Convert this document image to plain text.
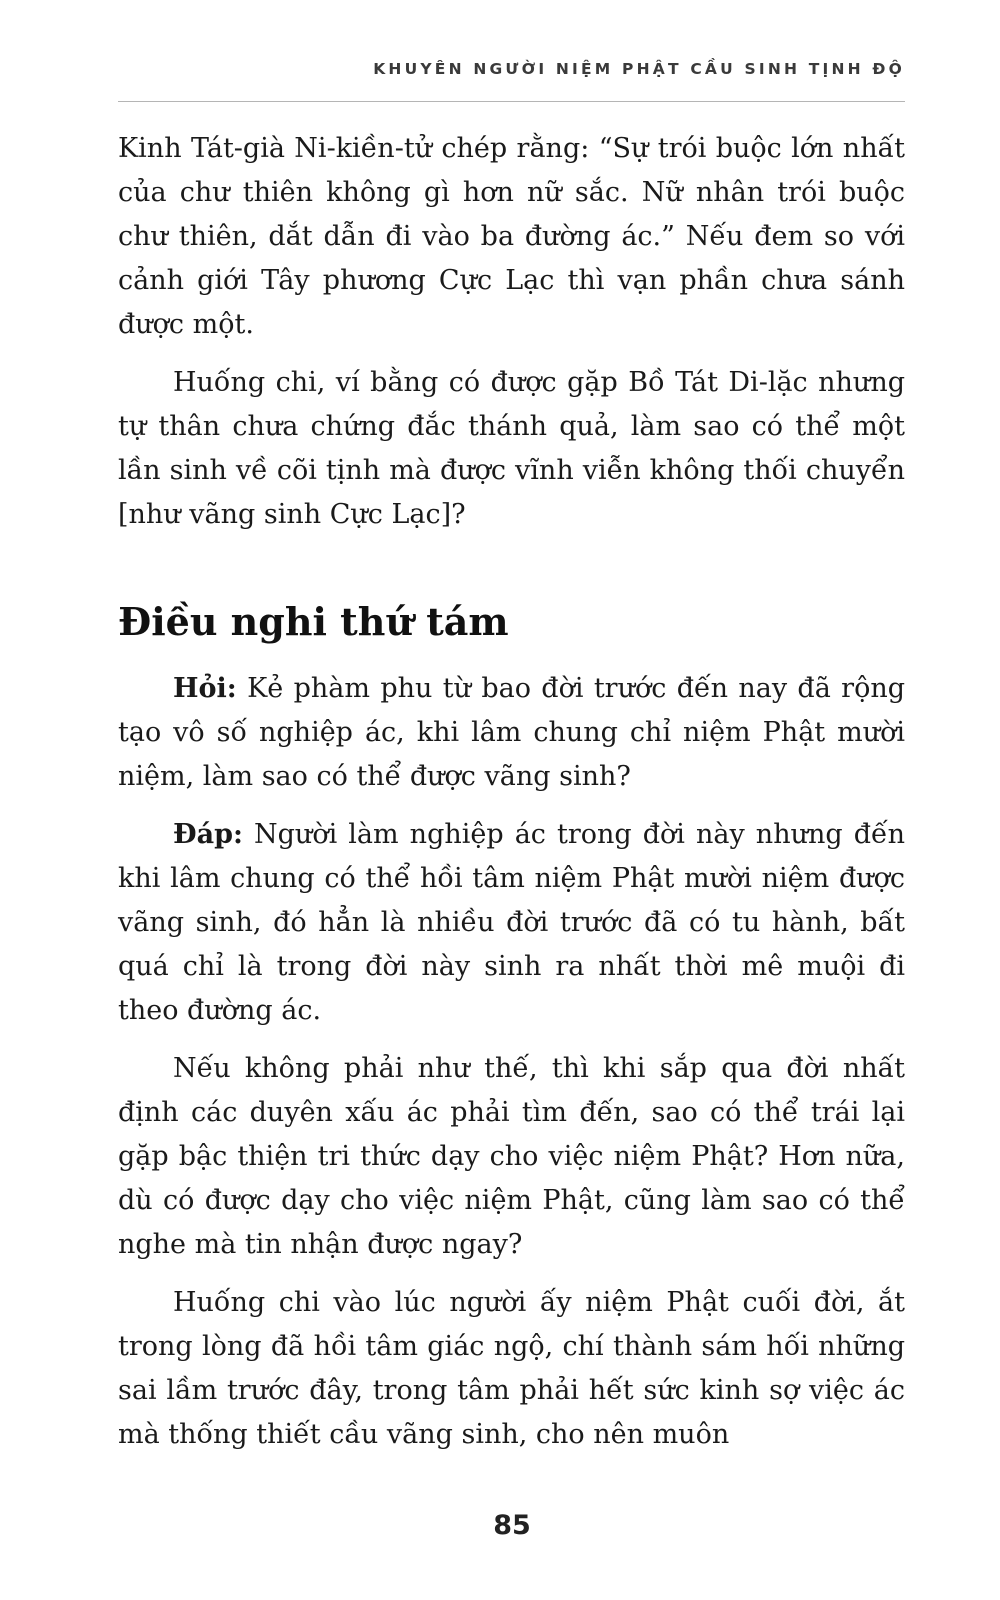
KHUYÊN NGƯỜI NIỆM PHẬT CẦU SINH TỊNH ĐỘ

Kinh Tát-già Ni-kiền-tử chép rằng: “Sự trói buộc lớn nhất của chư thiên không gì hơn nữ sắc. Nữ nhân trói buộc chư thiên, dắt dẫn đi vào ba đường ác.” Nếu đem so với cảnh giới Tây phương Cực Lạc thì vạn phần chưa sánh được một.

Huống chi, ví bằng có được gặp Bồ Tát Di-lặc nhưng tự thân chưa chứng đắc thánh quả, làm sao có thể một lần sinh về cõi tịnh mà được vĩnh viễn không thối chuyển [như vãng sinh Cực Lạc]?

Điều nghi thứ tám

Hỏi: Kẻ phàm phu từ bao đời trước đến nay đã rộng tạo vô số nghiệp ác, khi lâm chung chỉ niệm Phật mười niệm, làm sao có thể được vãng sinh?

Đáp: Người làm nghiệp ác trong đời này nhưng đến khi lâm chung có thể hồi tâm niệm Phật mười niệm được vãng sinh, đó hẳn là nhiều đời trước đã có tu hành, bất quá chỉ là trong đời này sinh ra nhất thời mê muội đi theo đường ác.

Nếu không phải như thế, thì khi sắp qua đời nhất định các duyên xấu ác phải tìm đến, sao có thể trái lại gặp bậc thiện tri thức dạy cho việc niệm Phật? Hơn nữa, dù có được dạy cho việc niệm Phật, cũng làm sao có thể nghe mà tin nhận được ngay?

Huống chi vào lúc người ấy niệm Phật cuối đời, ắt trong lòng đã hồi tâm giác ngộ, chí thành sám hối những sai lầm trước đây, trong tâm phải hết sức kinh sợ việc ác mà thống thiết cầu vãng sinh, cho nên muôn

85
